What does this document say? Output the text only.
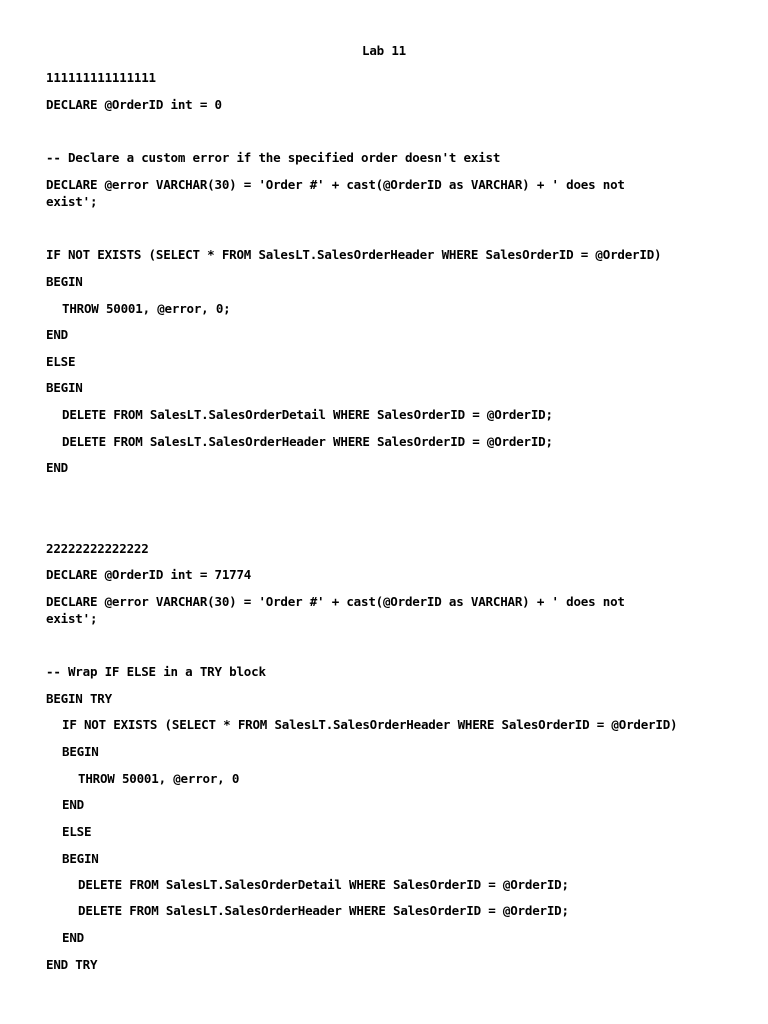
Lab 11
111111111111111
DECLARE @OrderID int = 0
-- Declare a custom error if the specified order doesn't exist
DECLARE @error VARCHAR(30) = 'Order #' + cast(@OrderID as VARCHAR) + ' does not
exist';
IF NOT EXISTS (SELECT * FROM SalesLT.SalesOrderHeader WHERE SalesOrderID = @OrderID)
BEGIN
THROW 50001, @error, 0;
END
ELSE
BEGIN
DELETE FROM SalesLT.SalesOrderDetail WHERE SalesOrderID = @OrderID;
DELETE FROM SalesLT.SalesOrderHeader WHERE SalesOrderID = @OrderID;
END
22222222222222
DECLARE @OrderID int = 71774
DECLARE @error VARCHAR(30) = 'Order #' + cast(@OrderID as VARCHAR) + ' does not
exist';
-- Wrap IF ELSE in a TRY block
BEGIN TRY
IF NOT EXISTS (SELECT * FROM SalesLT.SalesOrderHeader WHERE SalesOrderID = @OrderID)
BEGIN
THROW 50001, @error, 0
END
ELSE
BEGIN
DELETE FROM SalesLT.SalesOrderDetail WHERE SalesOrderID = @OrderID;
DELETE FROM SalesLT.SalesOrderHeader WHERE SalesOrderID = @OrderID;
END
END TRY
